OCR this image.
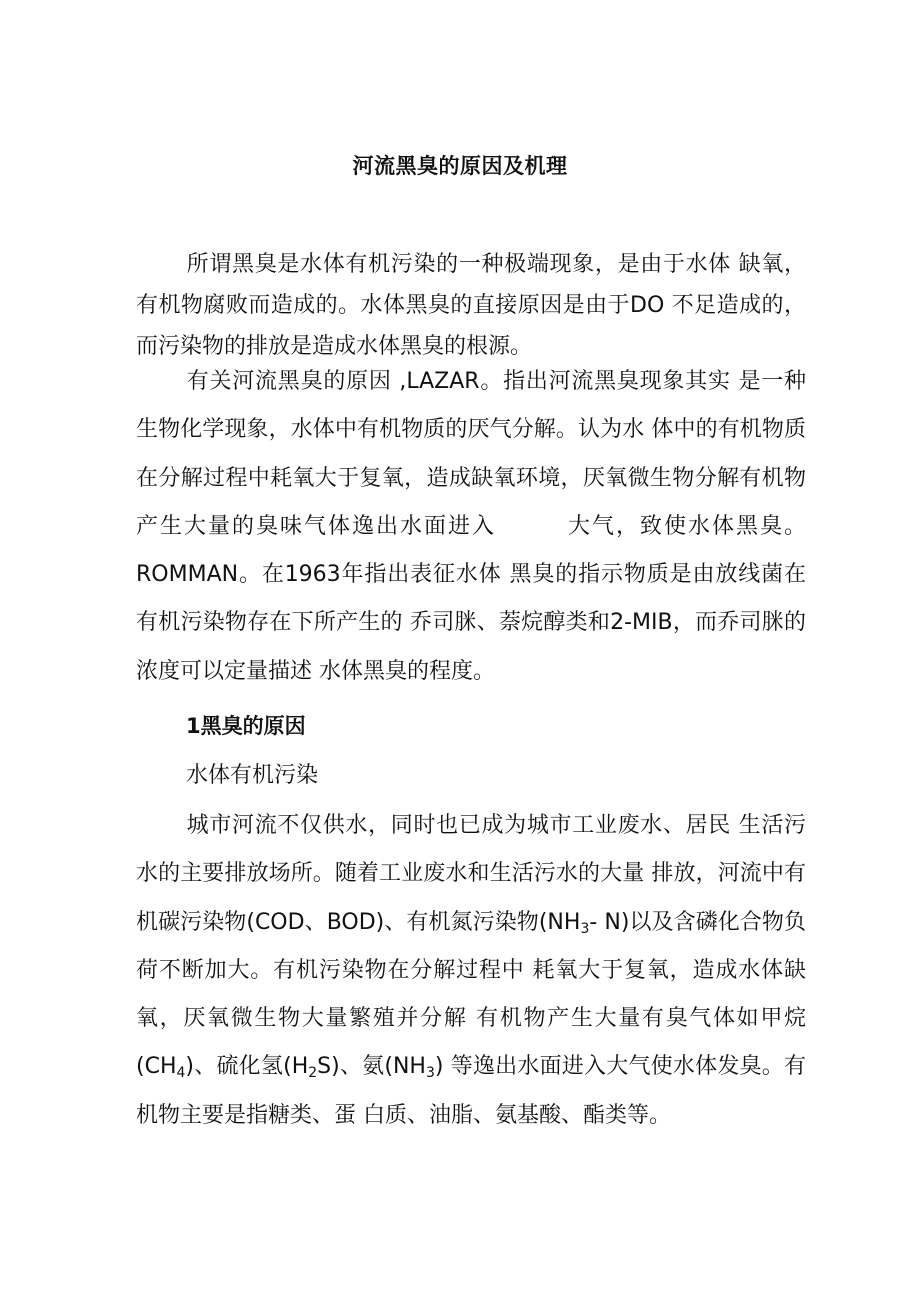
河流黑臭的原因及机理

所谓黑臭是水体有机污染的一种极端现象，是由于水体 缺氧，有机物腐败而造成的。水体黑臭的直接原因是由于DO 不足造成的，而污染物的排放是造成水体黑臭的根源。

有关河流黑臭的原因 ,LAZAR。指出河流黑臭现象其实 是一种生物化学现象，水体中有机物质的厌气分解。认为水 体中的有机物质在分解过程中耗氧大于复氧，造成缺氧环境，厌氧微生物分解有机物产生大量的臭味气体逸出水面进入	大气，致使水体黑臭。ROMMAN。在1963年指出表征水体 黑臭的指示物质是由放线菌在有机污染物存在下所产生的 乔司脒、萘烷醇类和2-MIB，而乔司脒的浓度可以定量描述 水体黑臭的程度。

1黑臭的原因
水体有机污染

城市河流不仅供水，同时也已成为城市工业废水、居民 生活污水的主要排放场所。随着工业废水和生活污水的大量 排放，河流中有机碳污染物(COD、BOD)、有机氮污染物($NH_3-$ N)以及含磷化合物负荷不断加大。有机污染物在分解过程中 耗氧大于复氧，造成水体缺氧，厌氧微生物大量繁殖并分解 有机物产生大量有臭气体如甲烷$(CH_4)$、硫化氢$(H_2S)$、氨$(NH_3)$ 等逸出水面进入大气使水体发臭。有机物主要是指糖类、蛋 白质、油脂、氨基酸、酯类等。
